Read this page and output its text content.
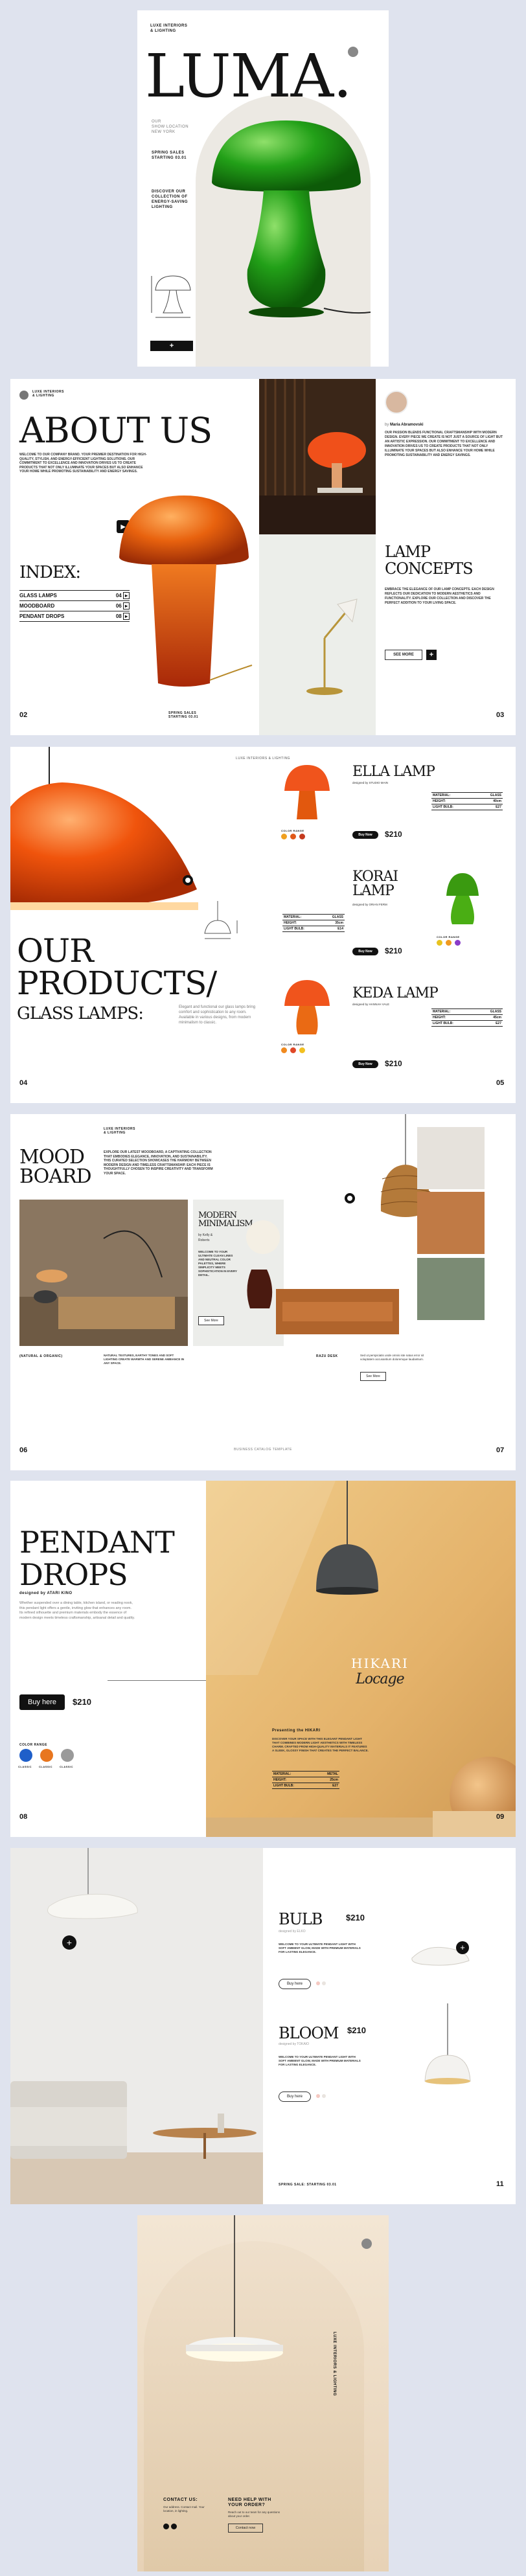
LUXE INTERIORS
& LIGHTING
LUMA.
OUR
SHOW LOCATION
NEW YORK
SPRING SALES
STARTING 03.01
DISCOVER OUR
COLLECTION OF
ENERGY-SAVING
LIGHTING
+
LUXE INTERIORS
& LIGHTING
ABOUT US
WELCOME TO OUR COMPANY BRAND. YOUR PREMIER DESTINATION FOR HIGH-QUALITY, STYLISH, AND ENERGY-EFFICIENT LIGHTING SOLUTIONS. OUR COMMITMENT TO EXCELLENCE AND INNOVATION DRIVES US TO CREATE PRODUCTS THAT NOT ONLY ILLUMINATE YOUR SPACES BUT ALSO ENHANCE YOUR HOME WHILE PROMOTING SUSTAINABILITY AND ENERGY SAVINGS.
INDEX:
GLASS LAMPS	04 ▸
MOODBOARD	06 ▸
PENDANT DROPS	08 ▸
▶
SPRING SALES
STARTING 03.01
02
by Maria Abramovski
OUR PASSION BLENDS FUNCTIONAL CRAFTSMANSHIP WITH MODERN DESIGN. EVERY PIECE WE CREATE IS NOT JUST A SOURCE OF LIGHT BUT AN ARTISTIC EXPRESSION. OUR COMMITMENT TO EXCELLENCE AND INNOVATION DRIVES US TO CREATE PRODUCTS THAT NOT ONLY ILLUMINATE YOUR SPACES BUT ALSO ENHANCE YOUR HOME WHILE PROMOTING SUSTAINABILITY AND ENERGY SAVINGS.
LAMP
CONCEPTS
EMBRACE THE ELEGANCE OF OUR LAMP CONCEPTS. EACH DESIGN REFLECTS OUR DEDICATION TO MODERN AESTHETICS AND FUNCTIONALITY. EXPLORE OUR COLLECTION AND DISCOVER THE PERFECT ADDITION TO YOUR LIVING SPACE.
SEE MORE	+
03
LUXE INTERIORS & LIGHTING
OUR
PRODUCTS/
GLASS LAMPS:	Elegant and functional our glass lamps bring comfort and sophistication to any room. Available in various designs, from modern minimalism to classic.
04
COLOR RANGE
ELLA LAMP
designed by STUDIO MAIN
MATERIAL:	GLASS
HEIGHT:	40cm
LIGHT BULB:	E27
Buy Now	$210
KORAI LAMP
designed by ORIAN FERM
MATERIAL:	GLASS
HEIGHT:	35cm
LIGHT BULB:	E14
Buy Now	$210
COLOR RANGE
COLOR RANGE
KEDA LAMP
designed by HANNAH VALE
MATERIAL:	GLASS
HEIGHT:	45cm
LIGHT BULB:	E27
Buy Now	$210
05
LUXE INTERIORS
& LIGHTING
MOOD
BOARD
EXPLORE OUR LATEST MOODBOARD, A CAPTIVATING COLLECTION THAT EMBODIES ELEGANCE, INNOVATION, AND SUSTAINABILITY. THIS CURATED SELECTION SHOWCASES THE HARMONY BETWEEN MODERN DESIGN AND TIMELESS CRAFTSMANSHIP. EACH PIECE IS THOUGHTFULLY CHOSEN TO INSPIRE CREATIVITY AND TRANSFORM YOUR SPACE.
MODERN
MINIMALISM
by Kelly & Roberts
WELCOME TO YOUR ULTIMATE CLEAN LINES AND NEUTRAL COLOR PALETTES, WHERE SIMPLICITY MEETS SOPHISTICATION IN EVERY DETAIL.
See More
(NATURAL & ORGANIC)	NATURAL TEXTURES, EARTHY TONES AND SOFT LIGHTING CREATE WARMTH AND SERENE AMBIANCE IN ANY SPACE.
RAZU DESK	Sed ut perspiciatis unde omnis iste natus error sit voluptatem accusantium doloremque laudantium.
See More
BUSINESS CATALOG TEMPLATE
06	07
PENDANT
DROPS
designed by ATARI KINO
Whether suspended over a dining table, kitchen island, or reading nook, this pendant light offers a gentle, inviting glow that enhances any room. Its refined silhouette and premium materials embody the essence of modern design meets timeless craftsmanship, artisanal detail and quality.
Buy here	$210
COLOR RANGE
CLASSIC	CLASSIC	CLASSIC
08
HIKARI
Locage
Presenting the HIKARI
DISCOVER YOUR SPACE WITH THIS ELEGANT PENDANT LIGHT THAT COMBINES MODERN LIGHT AESTHETICS WITH TIMELESS CHARM. CRAFTED FROM HIGH-QUALITY MATERIALS IT FEATURES A SLEEK, GLOSSY FINISH THAT CREATES THE PERFECT BALANCE.
MATERIAL:	METAL
HEIGHT:	25cm
LIGHT BULB:	E27
09
+
BULB	$210
designed by ELKO
WELCOME TO YOUR ULTIMATE PENDANT LIGHT WITH SOFT AMBIENT GLOW, MADE WITH PREMIUM MATERIALS FOR LASTING ELEGANCE.
Buy here
+
BLOOM $210
designed by TOKAIO
WELCOME TO YOUR ULTIMATE PENDANT LIGHT WITH SOFT AMBIENT GLOW, MADE WITH PREMIUM MATERIALS FOR LASTING ELEGANCE.
Buy here
SPRING SALE: STARTING 03.01	11
LUXE INTERIORS & LIGHTING
CONTACT US:
Our address. Contact mail. Your location, in lighting.
NEED HELP WITH
YOUR ORDER?
Reach out to our team for any questions about your order.
Contact now
